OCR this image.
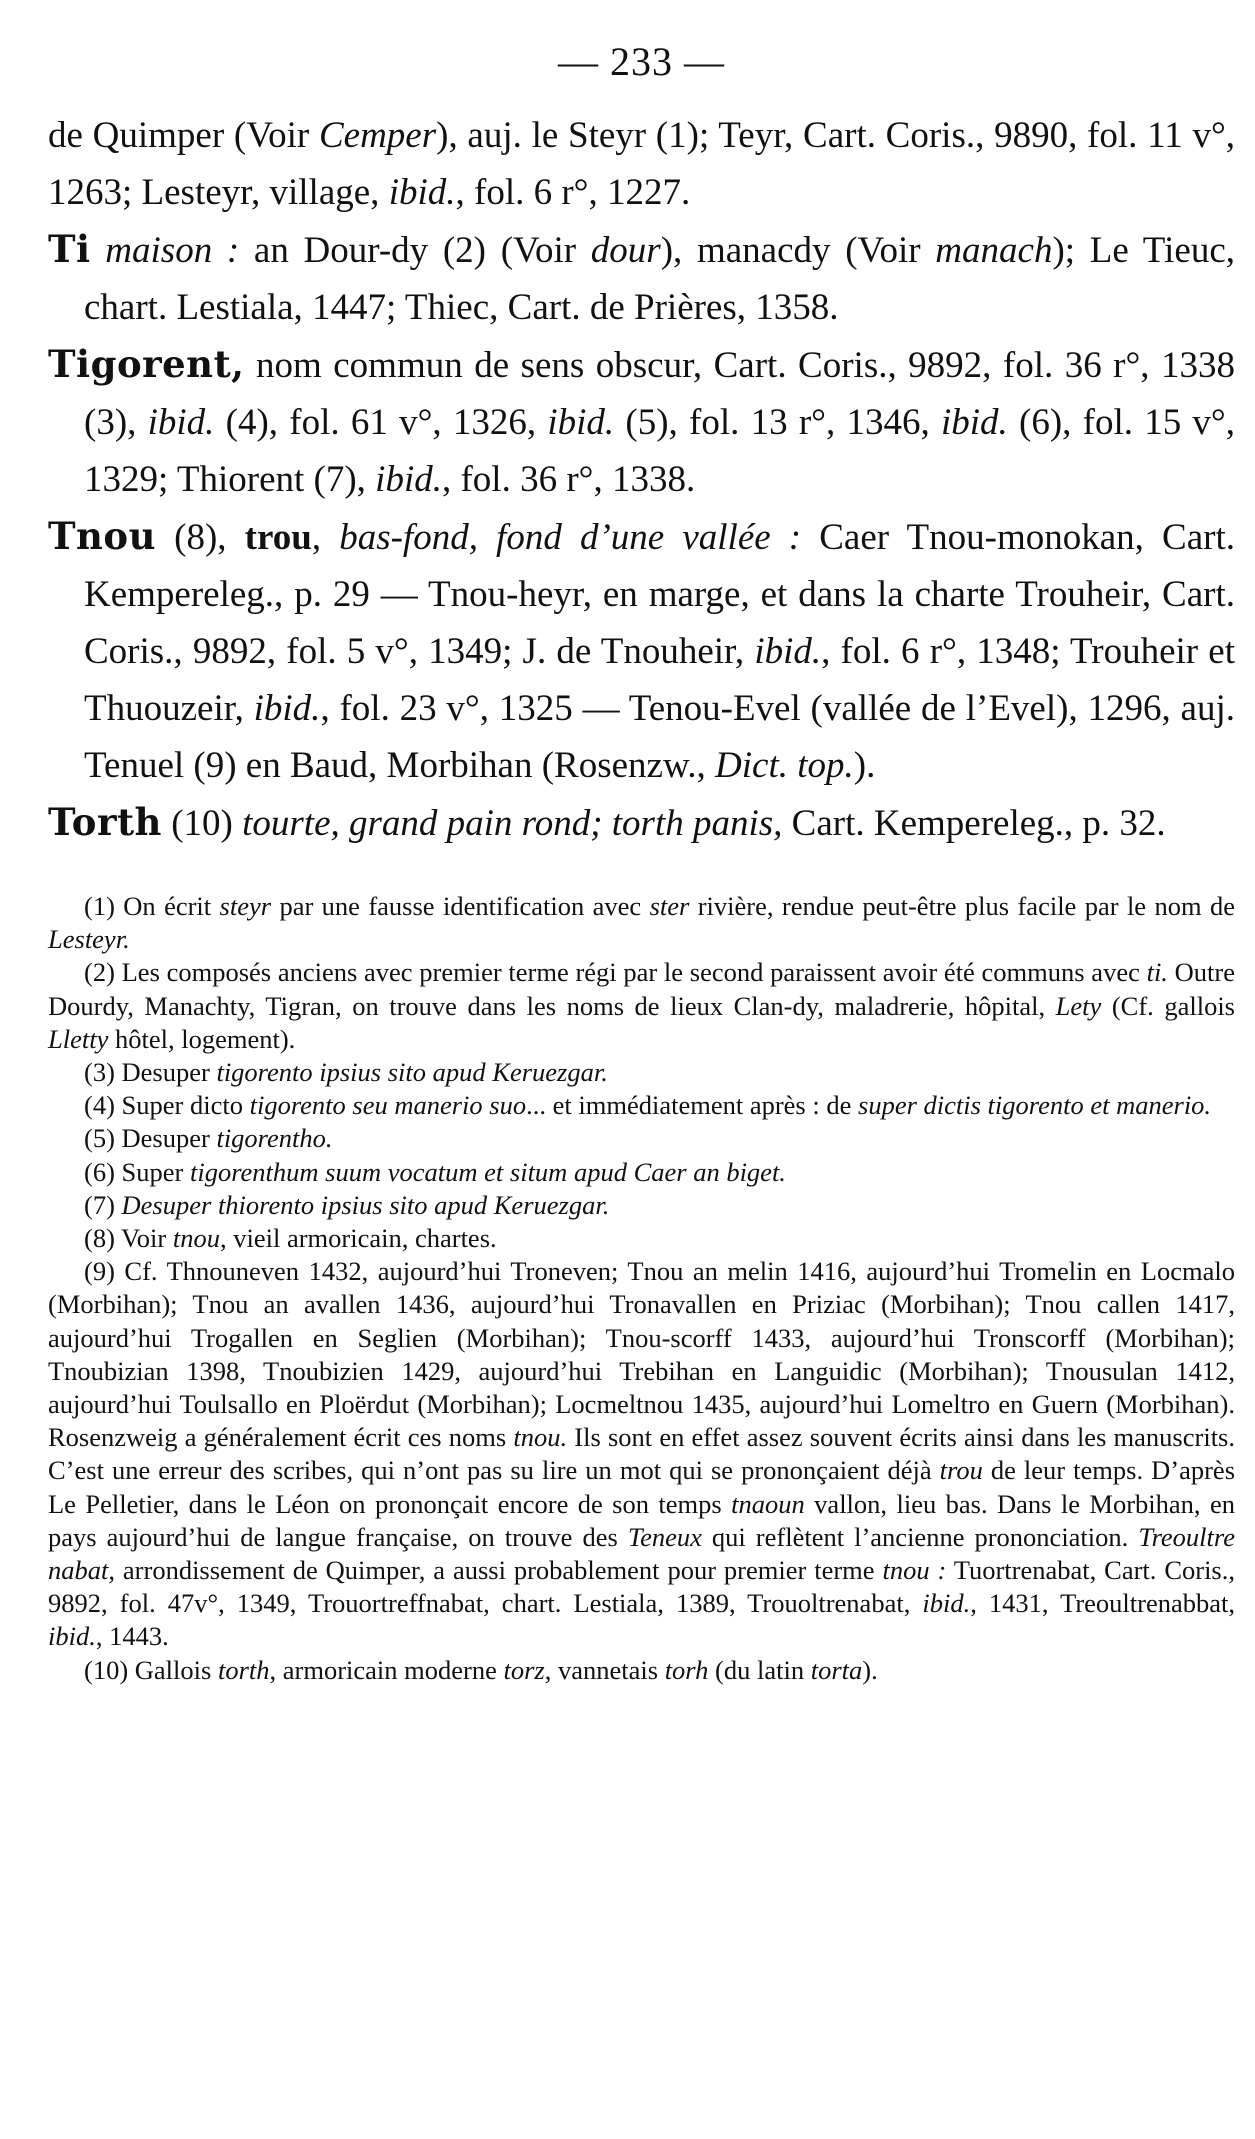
— 233 —

de Quimper (Voir Cemper), auj. le Steyr (1); Teyr, Cart. Coris., 9890, fol. 11 v°, 1263; Lesteyr, village, ibid., fol. 6 r°, 1227.

Ti maison : an Dour-dy (2) (Voir dour), manacdy (Voir manach); Le Tieuc, chart. Lestiala, 1447; Thiec, Cart. de Prières, 1358.

Tigorent, nom commun de sens obscur, Cart. Coris., 9892, fol. 36 r°, 1338 (3), ibid. (4), fol. 61 v°, 1326, ibid. (5), fol. 13 r°, 1346, ibid. (6), fol. 15 v°, 1329; Thiorent (7), ibid., fol. 36 r°, 1338.

Tnou (8), trou, bas-fond, fond d’une vallée : Caer Tnou-monokan, Cart. Kempereleg., p. 29 — Tnou-heyr, en marge, et dans la charte Trouheir, Cart. Coris., 9892, fol. 5 v°, 1349; J. de Tnouheir, ibid., fol. 6 r°, 1348; Trouheir et Thuouzeir, ibid., fol. 23 v°, 1325 — Tenou-Evel (vallée de l’Evel), 1296, auj. Tenuel (9) en Baud, Morbihan (Rosenzw., Dict. top.).

Torth (10) tourte, grand pain rond; torth panis, Cart. Kempereleg., p. 32.

(1) On écrit steyr par une fausse identification avec ster rivière, rendue peut-être plus facile par le nom de Lesteyr.

(2) Les composés anciens avec premier terme régi par le second paraissent avoir été communs avec ti. Outre Dourdy, Manachty, Tigran, on trouve dans les noms de lieux Clan-dy, maladrerie, hôpital, Lety (Cf. gallois Lletty hôtel, logement).

(3) Desuper tigorento ipsius sito apud Keruezgar.

(4) Super dicto tigorento seu manerio suo... et immédiatement après : de super dictis tigorento et manerio.

(5) Desuper tigorentho.

(6) Super tigorenthum suum vocatum et situm apud Caer an biget.

(7) Desuper thiorento ipsius sito apud Keruezgar.

(8) Voir tnou, vieil armoricain, chartes.

(9) Cf. Thnouneven 1432, aujourd’hui Troneven; Tnou an melin 1416, aujourd’hui Tromelin en Locmalo (Morbihan); Tnou an avallen 1436, aujourd’hui Tronavallen en Priziac (Morbihan); Tnou callen 1417, aujourd’hui Trogallen en Seglien (Morbihan); Tnou-scorff 1433, aujourd’hui Tronscorff (Morbihan); Tnoubizian 1398, Tnoubizien 1429, aujourd’hui Trebihan en Languidic (Morbihan); Tnousulan 1412, aujourd’hui Toulsallo en Ploërdut (Morbihan); Locmeltnou 1435, aujourd’hui Lomeltro en Guern (Morbihan). Rosenzweig a généralement écrit ces noms tnou. Ils sont en effet assez souvent écrits ainsi dans les manuscrits. C’est une erreur des scribes, qui n’ont pas su lire un mot qui se prononçaient déjà trou de leur temps. D’après Le Pelletier, dans le Léon on prononçait encore de son temps tnaoun vallon, lieu bas. Dans le Morbihan, en pays aujourd’hui de langue française, on trouve des Teneux qui reflètent l’ancienne prononciation. Treoultre nabat, arrondissement de Quimper, a aussi probablement pour premier terme tnou : Tuortrenabat, Cart. Coris., 9892, fol. 47v°, 1349, Trouortreffnabat, chart. Lestiala, 1389, Trouoltrenabat, ibid., 1431, Treoultrenabbat, ibid., 1443.

(10) Gallois torth, armoricain moderne torz, vannetais torh (du latin torta).
